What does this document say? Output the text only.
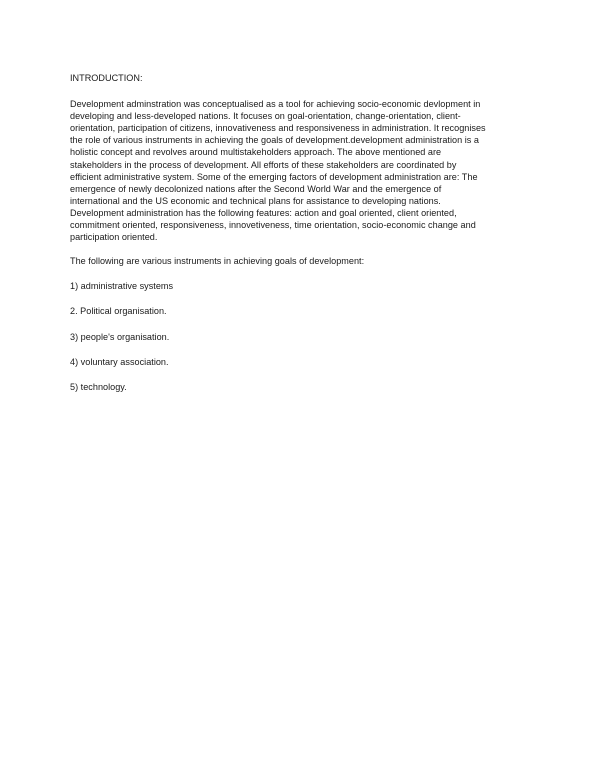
INTRODUCTION:
Development adminstration was conceptualised as a tool for achieving socio-economic devlopment in
developing and less-developed nations. It focuses on goal-orientation, change-orientation, client-
orientation, participation of citizens, innovativeness and responsiveness in administration. It recognises
the role of various instruments in achieving the goals of development.development administration is a
holistic concept and revolves around multistakeholders approach. The above mentioned are
stakeholders in the process of development. All efforts of these stakeholders are coordinated by
efficient administrative system. Some of the emerging factors of development administration are: The
emergence of newly decolonized nations after the Second World War and the emergence of
international and the US economic and technical plans for assistance to developing nations.
Development administration has the following features: action and goal oriented, client oriented,
commitment oriented, responsiveness, innovetiveness, time orientation, socio-economic change and
participation oriented.
The following are various instruments in achieving goals of development:
1) administrative systems
2. Political organisation.
3) people's organisation.
4) voluntary association.
5) technology.
